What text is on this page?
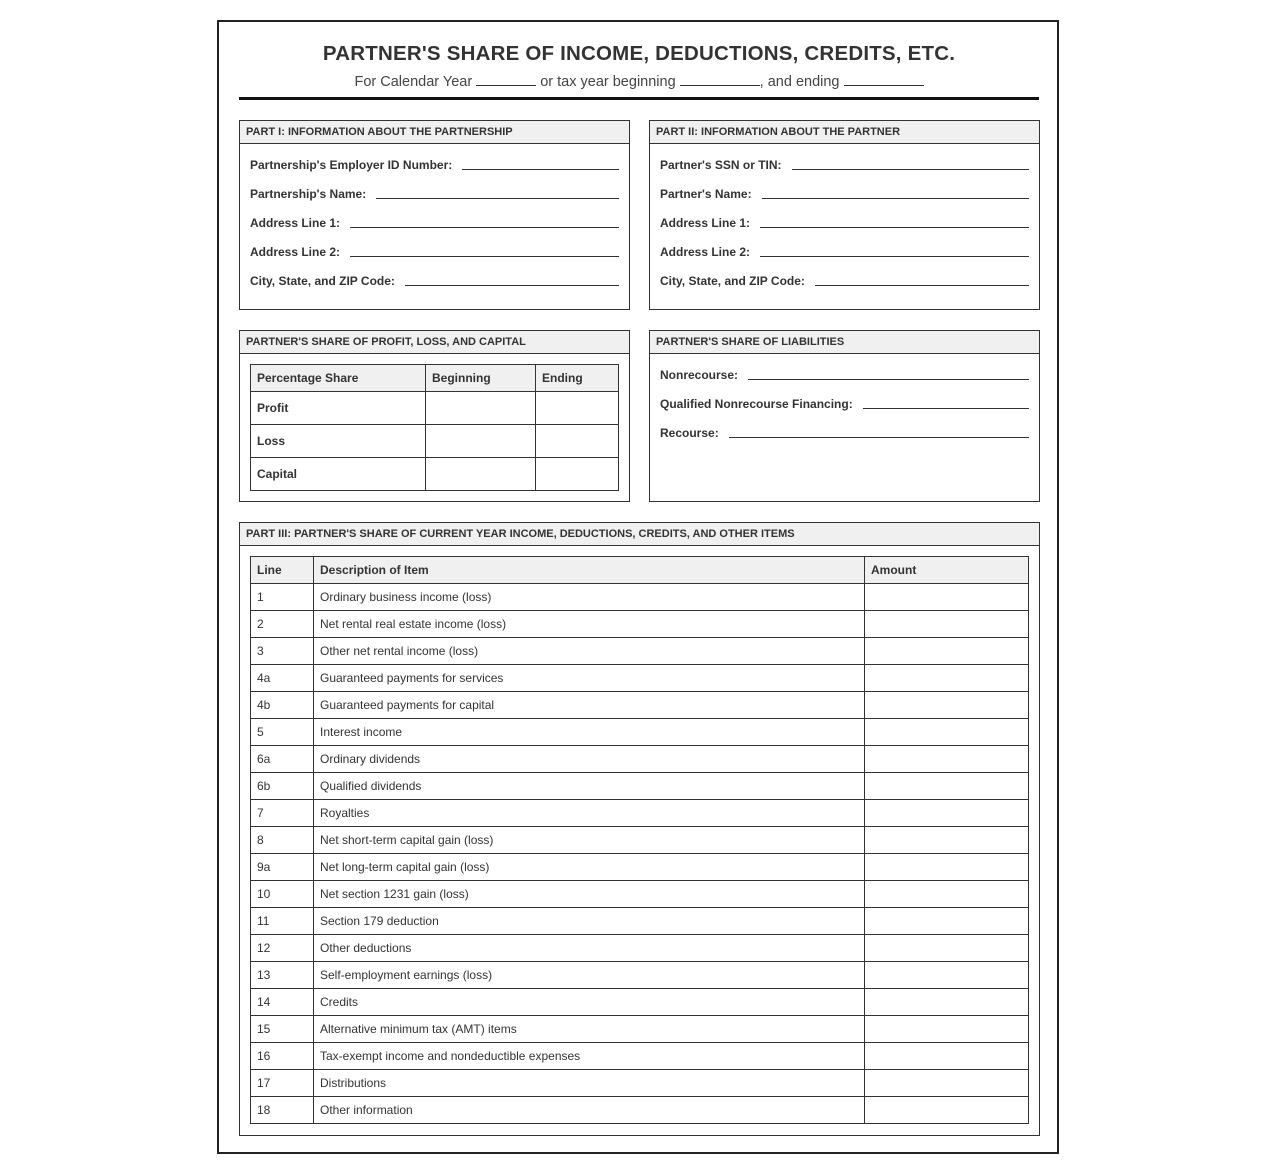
PARTNER'S SHARE OF INCOME, DEDUCTIONS, CREDITS, ETC.
For Calendar Year	or tax year beginning	, and ending
PART I: INFORMATION ABOUT THE PARTNERSHIP
Partnership's Employer ID Number:
Partnership's Name:
Address Line 1:
Address Line 2:
City, State, and ZIP Code:
PART II: INFORMATION ABOUT THE PARTNER
Partner's SSN or TIN:
Partner's Name:
Address Line 1:
Address Line 2:
City, State, and ZIP Code:
PARTNER'S SHARE OF PROFIT, LOSS, AND CAPITAL
Percentage Share	Beginning	Ending
Profit		
Loss		
Capital		
PARTNER'S SHARE OF LIABILITIES
Nonrecourse:
Qualified Nonrecourse Financing:
Recourse:
PART III: PARTNER'S SHARE OF CURRENT YEAR INCOME, DEDUCTIONS, CREDITS, AND OTHER ITEMS
Line	Description of Item	Amount
1	Ordinary business income (loss)	
2	Net rental real estate income (loss)	
3	Other net rental income (loss)	
4a	Guaranteed payments for services	
4b	Guaranteed payments for capital	
5	Interest income	
6a	Ordinary dividends	
6b	Qualified dividends	
7	Royalties	
8	Net short-term capital gain (loss)	
9a	Net long-term capital gain (loss)	
10	Net section 1231 gain (loss)	
11	Section 179 deduction	
12	Other deductions	
13	Self-employment earnings (loss)	
14	Credits	
15	Alternative minimum tax (AMT) items	
16	Tax-exempt income and nondeductible expenses	
17	Distributions	
18	Other information	
